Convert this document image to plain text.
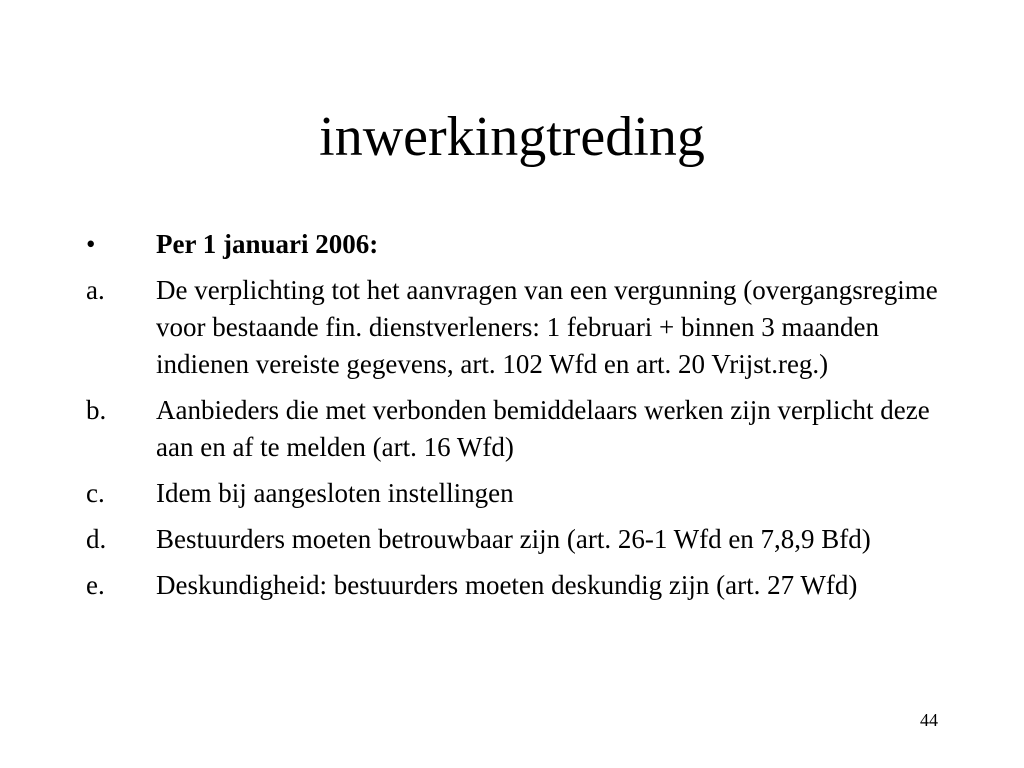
inwerkingtreding
•	Per 1 januari 2006:
a.	De verplichting tot het aanvragen van een vergunning (overgangsregime voor bestaande fin. dienstverleners: 1 februari + binnen 3 maanden indienen vereiste gegevens, art. 102 Wfd en art. 20 Vrijst.reg.)
b.	Aanbieders die met verbonden bemiddelaars werken zijn verplicht deze aan en af te melden (art. 16 Wfd)
c.	Idem bij aangesloten instellingen
d.	Bestuurders moeten betrouwbaar zijn (art. 26-1 Wfd en 7,8,9 Bfd)
e.	Deskundigheid: bestuurders moeten deskundig zijn (art. 27 Wfd)
44
